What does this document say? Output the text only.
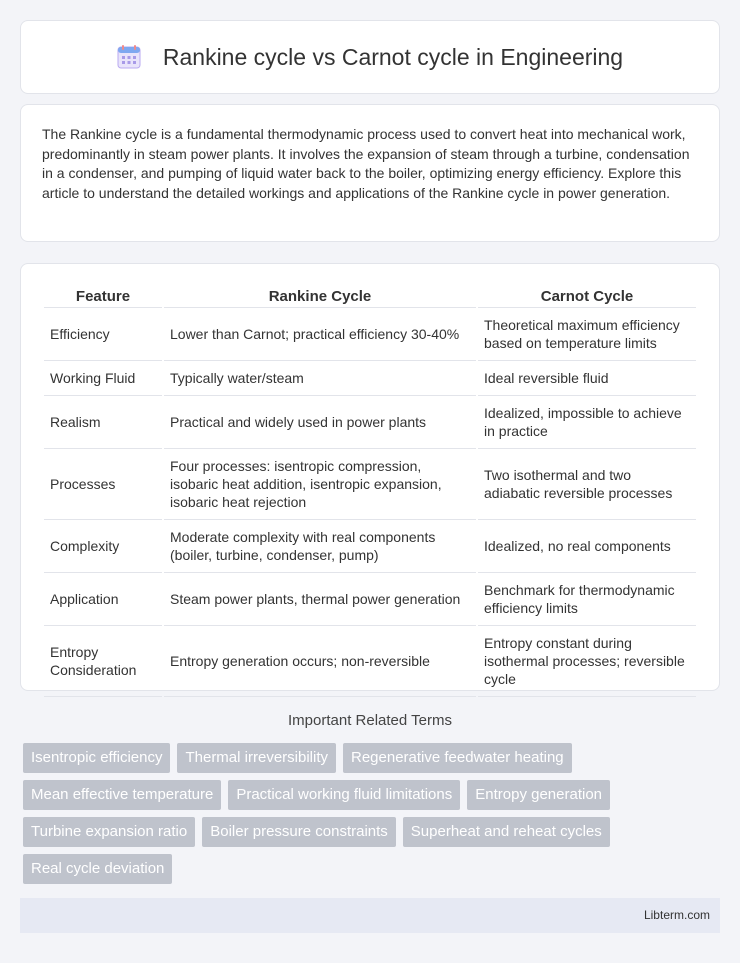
Rankine cycle vs Carnot cycle in Engineering

The Rankine cycle is a fundamental thermodynamic process used to convert heat into mechanical work, predominantly in steam power plants. It involves the expansion of steam through a turbine, condensation in a condenser, and pumping of liquid water back to the boiler, optimizing energy efficiency. Explore this article to understand the detailed workings and applications of the Rankine cycle in power generation.

Feature	Rankine Cycle	Carnot Cycle
Efficiency	Lower than Carnot; practical efficiency 30-40%	Theoretical maximum efficiency based on temperature limits
Working Fluid	Typically water/steam	Ideal reversible fluid
Realism	Practical and widely used in power plants	Idealized, impossible to achieve in practice
Processes	Four processes: isentropic compression, isobaric heat addition, isentropic expansion, isobaric heat rejection	Two isothermal and two adiabatic reversible processes
Complexity	Moderate complexity with real components (boiler, turbine, condenser, pump)	Idealized, no real components
Application	Steam power plants, thermal power generation	Benchmark for thermodynamic efficiency limits
Entropy Consideration	Entropy generation occurs; non-reversible	Entropy constant during isothermal processes; reversible cycle
Important Related Terms
Isentropic efficiency	Thermal irreversibility	Regenerative feedwater heating
Mean effective temperature	Practical working fluid limitations	Entropy generation
Turbine expansion ratio	Boiler pressure constraints	Superheat and reheat cycles
Real cycle deviation
Libterm.com
